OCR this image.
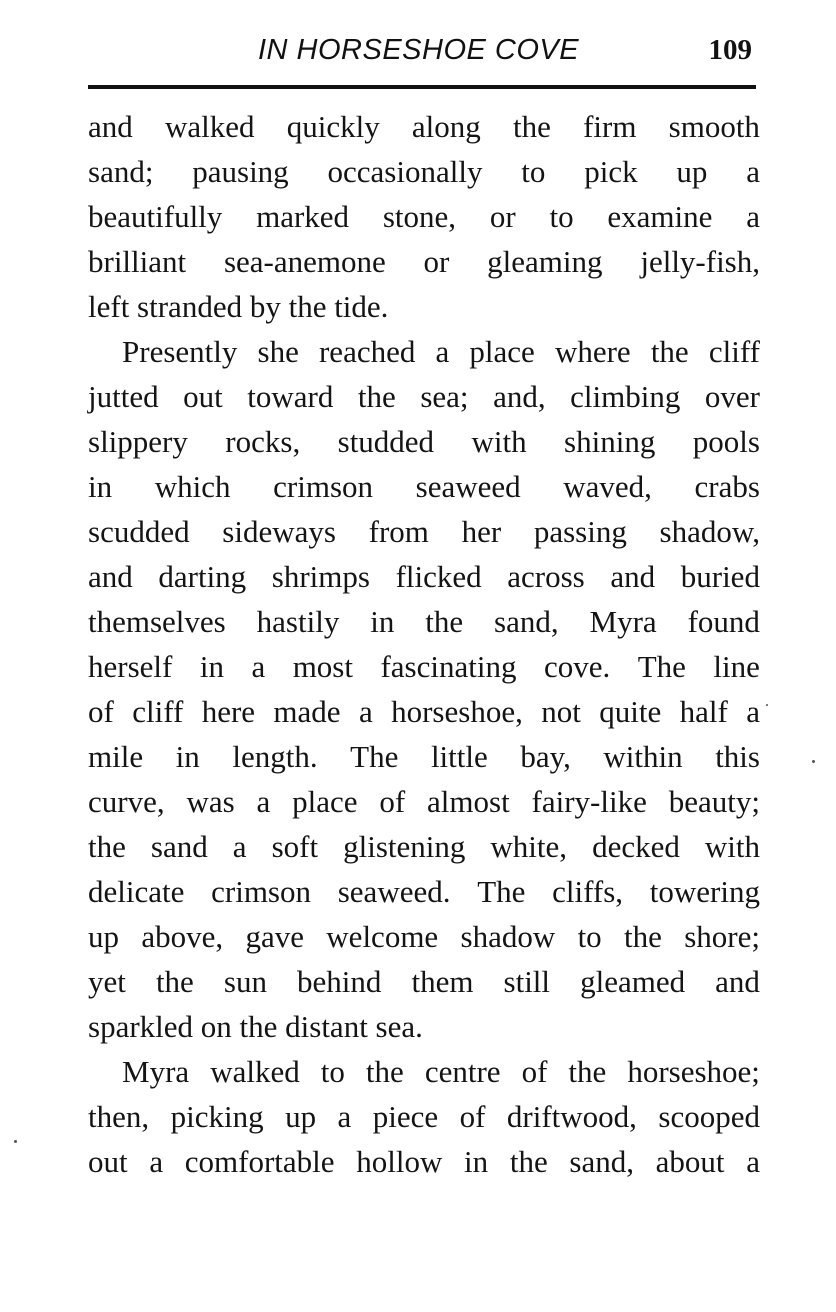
IN HORSESHOE COVE	109
and walked quickly along the firm smooth
sand; pausing occasionally to pick up a
beautifully marked stone, or to examine a
brilliant sea-anemone or gleaming jelly-fish,
left stranded by the tide.
Presently she reached a place where the cliff
jutted out toward the sea; and, climbing over
slippery rocks, studded with shining pools
in which crimson seaweed waved, crabs
scudded sideways from her passing shadow,
and darting shrimps flicked across and buried
themselves hastily in the sand, Myra found
herself in a most fascinating cove. The line
of cliff here made a horseshoe, not quite half a
mile in length. The little bay, within this
curve, was a place of almost fairy-like beauty;
the sand a soft glistening white, decked with
delicate crimson seaweed. The cliffs, towering
up above, gave welcome shadow to the shore;
yet the sun behind them still gleamed and
sparkled on the distant sea.
Myra walked to the centre of the horseshoe;
then, picking up a piece of driftwood, scooped
out a comfortable hollow in the sand, about a
